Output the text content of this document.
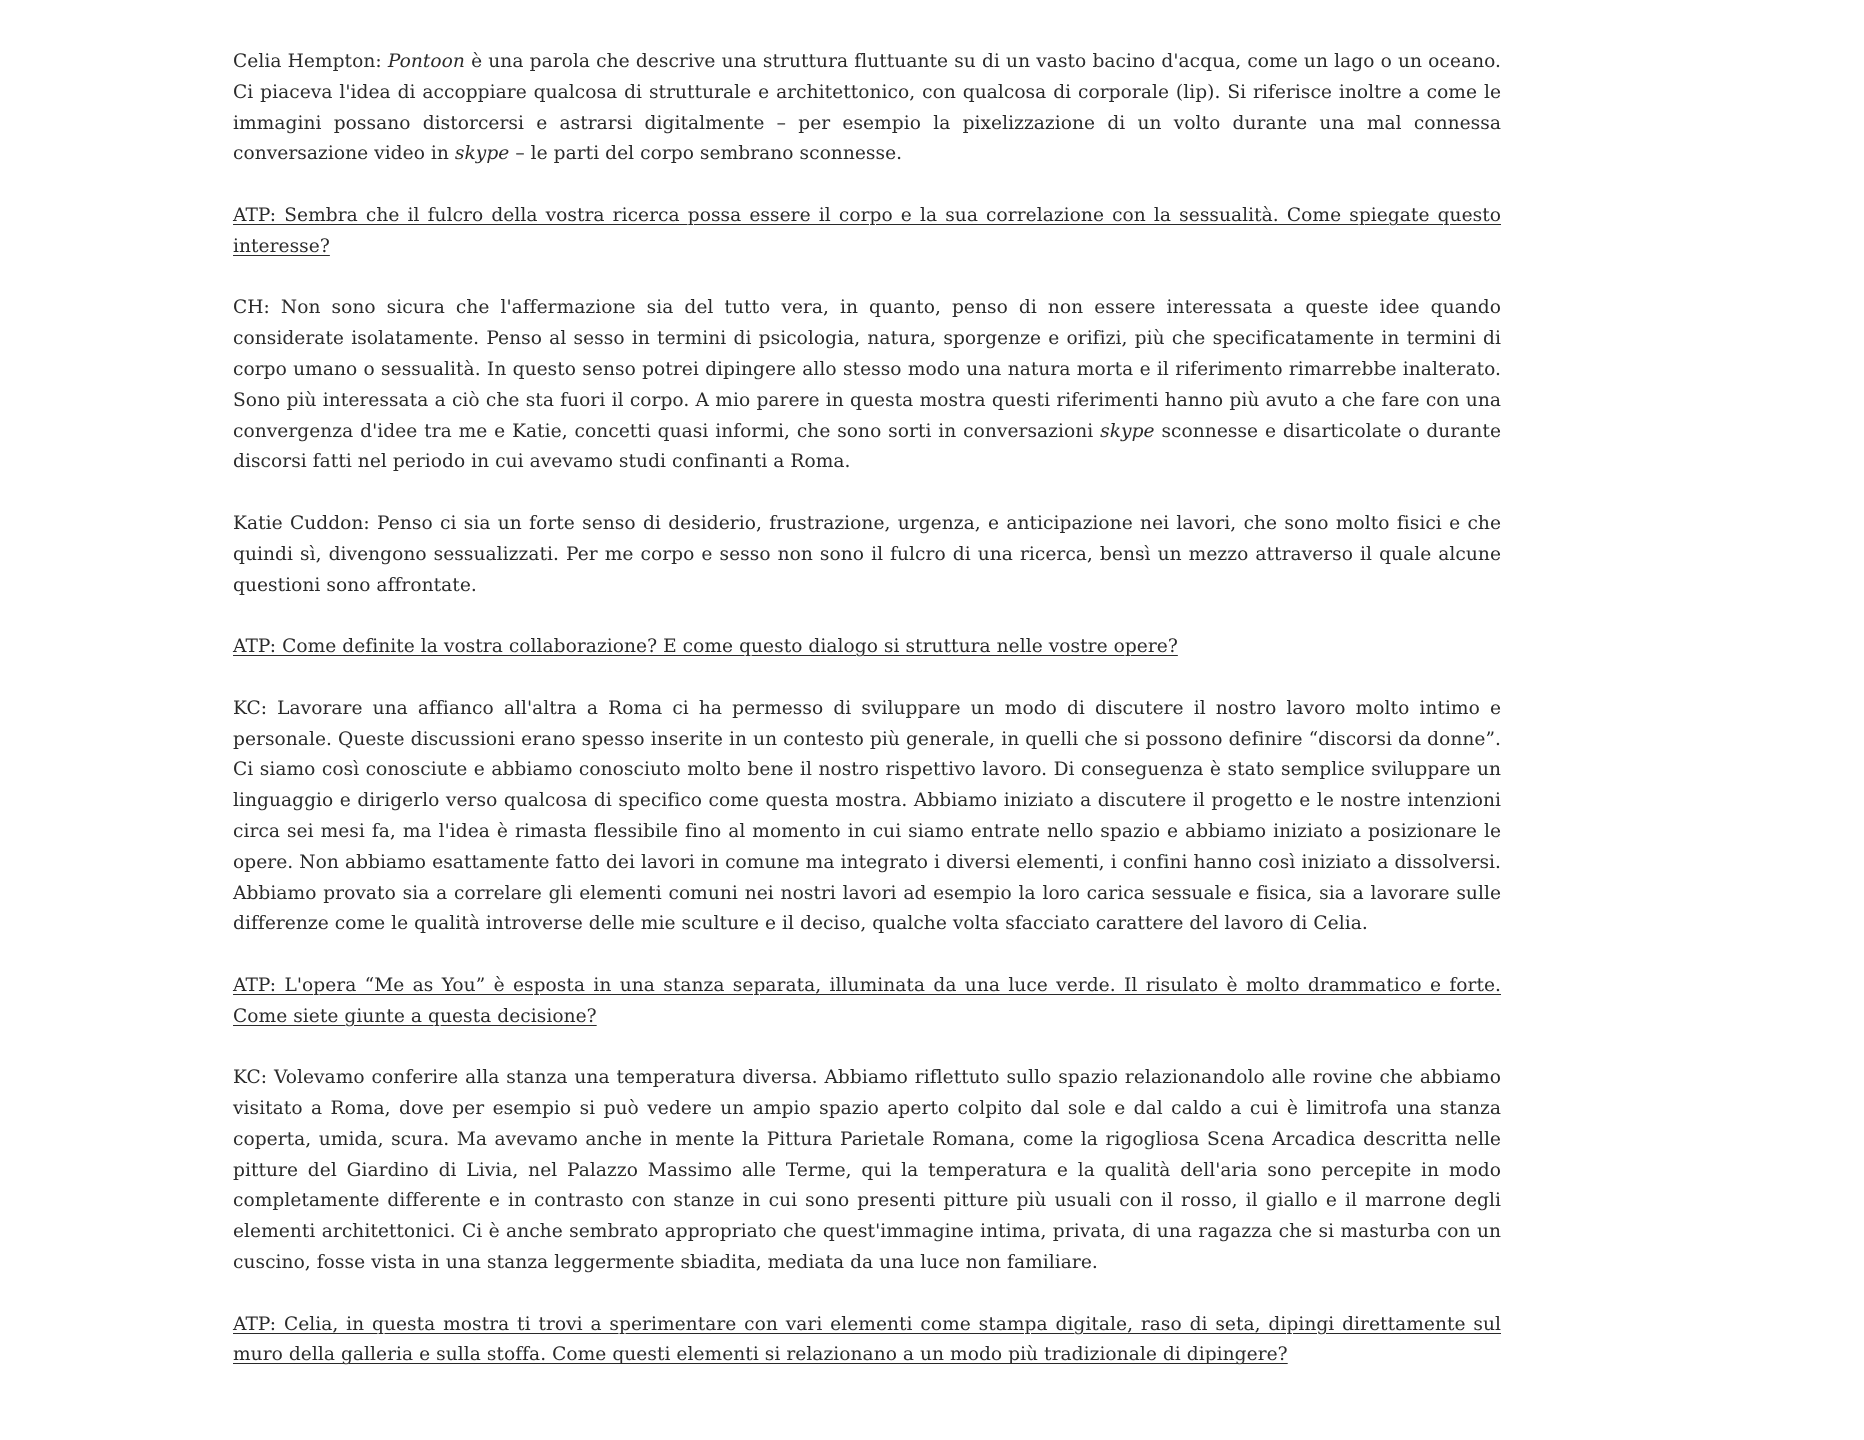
Celia Hempton: Pontoon è una parola che descrive una struttura fluttuante su di un vasto bacino d'acqua, come un lago o un oceano. Ci piaceva l'idea di accoppiare qualcosa di strutturale e architettonico, con qualcosa di corporale (lip). Si riferisce inoltre a come le immagini possano distorcersi e astrarsi digitalmente – per esempio la pixelizzazione di un volto durante una mal connessa conversazione video in skype – le parti del corpo sembrano sconnesse.

ATP: Sembra che il fulcro della vostra ricerca possa essere il corpo e la sua correlazione con la sessualità. Come spiegate questo interesse?

CH: Non sono sicura che l'affermazione sia del tutto vera, in quanto, penso di non essere interessata a queste idee quando considerate isolatamente. Penso al sesso in termini di psicologia, natura, sporgenze e orifizi, più che specificatamente in termini di corpo umano o sessualità. In questo senso potrei dipingere allo stesso modo una natura morta e il riferimento rimarrebbe inalterato. Sono più interessata a ciò che sta fuori il corpo. A mio parere in questa mostra questi riferimenti hanno più avuto a che fare con una convergenza d'idee tra me e Katie, concetti quasi informi, che sono sorti in conversazioni skype sconnesse e disarticolate o durante discorsi fatti nel periodo in cui avevamo studi confinanti a Roma.

Katie Cuddon: Penso ci sia un forte senso di desiderio, frustrazione, urgenza, e anticipazione nei lavori, che sono molto fisici e che quindi sì, divengono sessualizzati. Per me corpo e sesso non sono il fulcro di una ricerca, bensì un mezzo attraverso il quale alcune questioni sono affrontate.

ATP: Come definite la vostra collaborazione? E come questo dialogo si struttura nelle vostre opere?

KC: Lavorare una affianco all'altra a Roma ci ha permesso di sviluppare un modo di discutere il nostro lavoro molto intimo e personale. Queste discussioni erano spesso inserite in un contesto più generale, in quelli che si possono definire “discorsi da donne”. Ci siamo così conosciute e abbiamo conosciuto molto bene il nostro rispettivo lavoro. Di conseguenza è stato semplice sviluppare un linguaggio e dirigerlo verso qualcosa di specifico come questa mostra. Abbiamo iniziato a discutere il progetto e le nostre intenzioni circa sei mesi fa, ma l'idea è rimasta flessibile fino al momento in cui siamo entrate nello spazio e abbiamo iniziato a posizionare le opere. Non abbiamo esattamente fatto dei lavori in comune ma integrato i diversi elementi, i confini hanno così iniziato a dissolversi. Abbiamo provato sia a correlare gli elementi comuni nei nostri lavori ad esempio la loro carica sessuale e fisica, sia a lavorare sulle differenze come le qualità introverse delle mie sculture e il deciso, qualche volta sfacciato carattere del lavoro di Celia.

ATP: L'opera “Me as You” è esposta in una stanza separata, illuminata da una luce verde. Il risulato è molto drammatico e forte. Come siete giunte a questa decisione?

KC: Volevamo conferire alla stanza una temperatura diversa. Abbiamo riflettuto sullo spazio relazionandolo alle rovine che abbiamo visitato a Roma, dove per esempio si può vedere un ampio spazio aperto colpito dal sole e dal caldo a cui è limitrofa una stanza coperta, umida, scura. Ma avevamo anche in mente la Pittura Parietale Romana, come la rigogliosa Scena Arcadica descritta nelle pitture del Giardino di Livia, nel Palazzo Massimo alle Terme, qui la temperatura e la qualità dell'aria sono percepite in modo completamente differente e in contrasto con stanze in cui sono presenti pitture più usuali con il rosso, il giallo e il marrone degli elementi architettonici. Ci è anche sembrato appropriato che quest'immagine intima, privata, di una ragazza che si masturba con un cuscino, fosse vista in una stanza leggermente sbiadita, mediata da una luce non familiare.

ATP: Celia, in questa mostra ti trovi a sperimentare con vari elementi come stampa digitale, raso di seta, dipingi direttamente sul muro della galleria e sulla stoffa. Come questi elementi si relazionano a un modo più tradizionale di dipingere?
